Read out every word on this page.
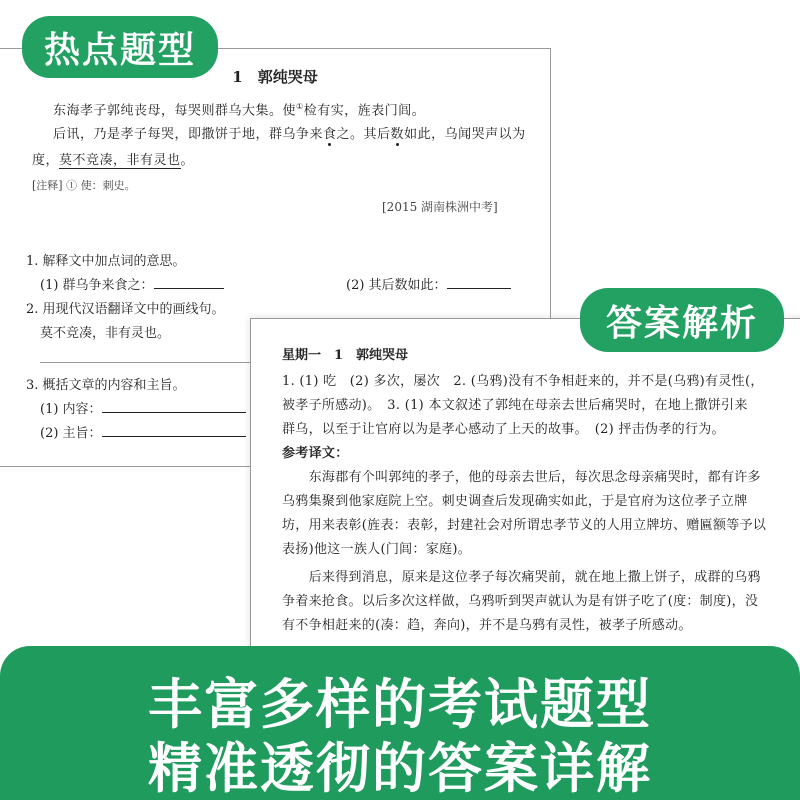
1　郭纯哭母
东海孝子郭纯丧母，每哭则群乌大集。使①检有实，旌表门闾。
后讯，乃是孝子每哭，即撒饼于地，群乌争来食之。其后数如此，乌闻哭声以为
度，莫不竞凑，非有灵也。
[注释] ① 使：刺史。
[2015 湖南株洲中考]
1. 解释文中加点词的意思。
(1) 群乌争来食之：	(2) 其后数如此：
2. 用现代汉语翻译文中的画线句。
莫不竞凑，非有灵也。
3. 概括文章的内容和主旨。
(1) 内容：
(2) 主旨：
热点题型
答案解析
星期一　1　郭纯哭母
1. (1) 吃　(2) 多次，屡次　2. (乌鸦)没有不争相赶来的，并不是(乌鸦)有灵性(，
被孝子所感动)。　3. (1) 本文叙述了郭纯在母亲去世后痛哭时，在地上撒饼引来
群乌，以至于让官府以为是孝心感动了上天的故事。　(2) 抨击伪孝的行为。
参考译文：
　　东海郡有个叫郭纯的孝子，他的母亲去世后，每次思念母亲痛哭时，都有许多
乌鸦集聚到他家庭院上空。刺史调查后发现确实如此，于是官府为这位孝子立牌
坊，用来表彰(旌表：表彰，封建社会对所谓忠孝节义的人用立牌坊、赠匾额等予以
表扬)他这一族人(门闾：家庭)。
　　后来得到消息，原来是这位孝子每次痛哭前，就在地上撒上饼子，成群的乌鸦
争着来抢食。以后多次这样做，乌鸦听到哭声就认为是有饼子吃了(度：制度)，没
有不争相赶来的(凑：趋，奔向)，并不是乌鸦有灵性，被孝子所感动。
丰富多样的考试题型
精准透彻的答案详解
